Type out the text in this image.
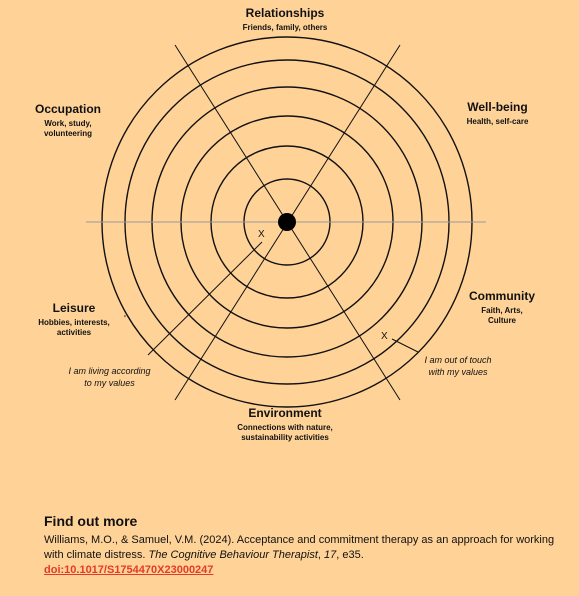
Relationships
Friends, family, others
Well-being
Health, self-care
Community
Faith, Arts,
Culture
Environment
Connections with nature,
sustainability activities
Leisure
Hobbies, interests,
activities
Occupation
Work, study,
volunteering
X
X
'
I am living according
to my values
I am out of touch
with my values
Find out more
Williams, M.O., & Samuel, V.M. (2024). Acceptance and commitment therapy as an approach for working with climate distress. The Cognitive Behaviour Therapist, 17, e35.
doi:10.1017/S1754470X23000247
